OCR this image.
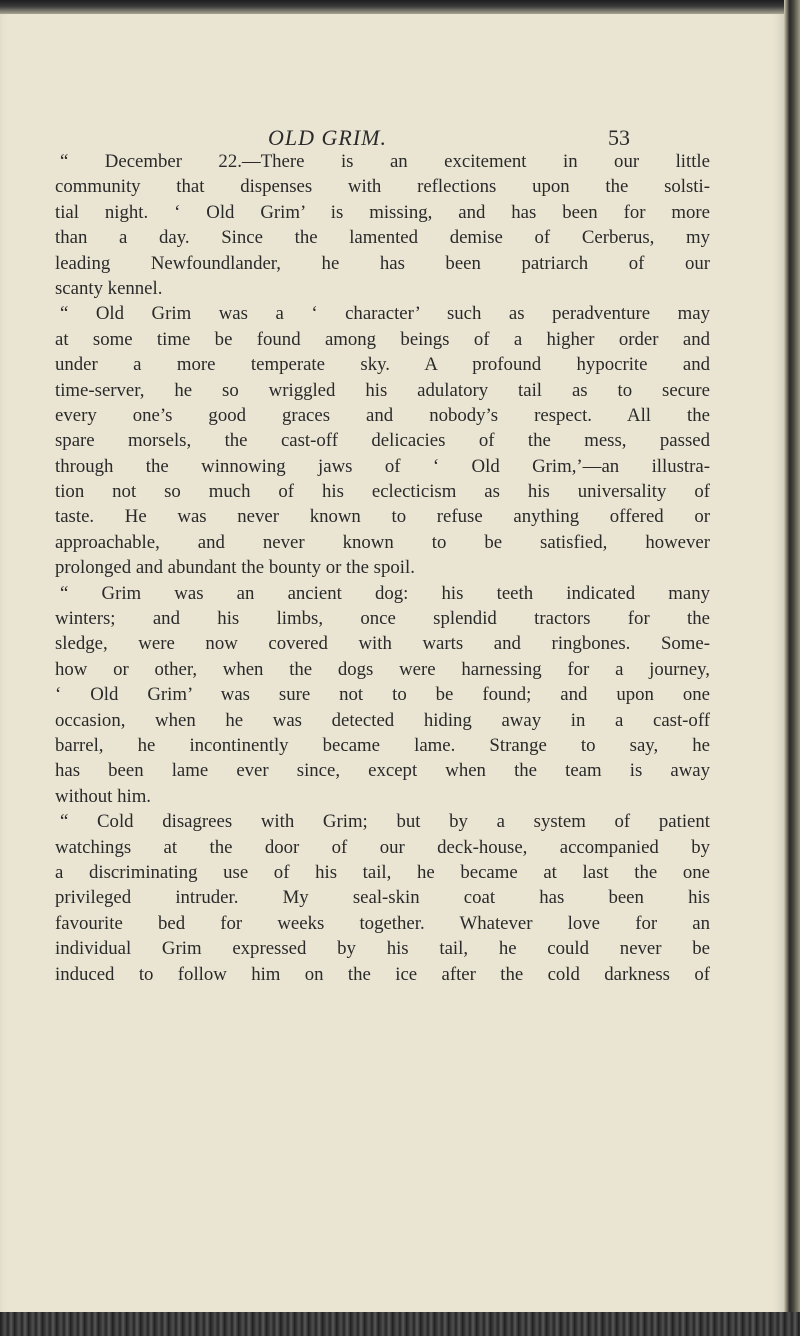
OLD GRIM.	53
“ December 22.—There is an excitement in our little
community that dispenses with reflections upon the solsti-
tial night. ‘ Old Grim’ is missing, and has been for more
than a day. Since the lamented demise of Cerberus, my
leading Newfoundlander, he has been patriarch of our
scanty kennel.
“ Old Grim was a ‘ character’ such as peradventure may
at some time be found among beings of a higher order and
under a more temperate sky. A profound hypocrite and
time-server, he so wriggled his adulatory tail as to secure
every one’s good graces and nobody’s respect. All the
spare morsels, the cast-off delicacies of the mess, passed
through the winnowing jaws of ‘ Old Grim,’—an illustra-
tion not so much of his eclecticism as his universality of
taste. He was never known to refuse anything offered or
approachable, and never known to be satisfied, however
prolonged and abundant the bounty or the spoil.
“ Grim was an ancient dog: his teeth indicated many
winters; and his limbs, once splendid tractors for the
sledge, were now covered with warts and ringbones. Some-
how or other, when the dogs were harnessing for a journey,
‘ Old Grim’ was sure not to be found; and upon one
occasion, when he was detected hiding away in a cast-off
barrel, he incontinently became lame. Strange to say, he
has been lame ever since, except when the team is away
without him.
“ Cold disagrees with Grim; but by a system of patient
watchings at the door of our deck-house, accompanied by
a discriminating use of his tail, he became at last the one
privileged intruder. My seal-skin coat has been his
favourite bed for weeks together. Whatever love for an
individual Grim expressed by his tail, he could never be
induced to follow him on the ice after the cold darkness of
